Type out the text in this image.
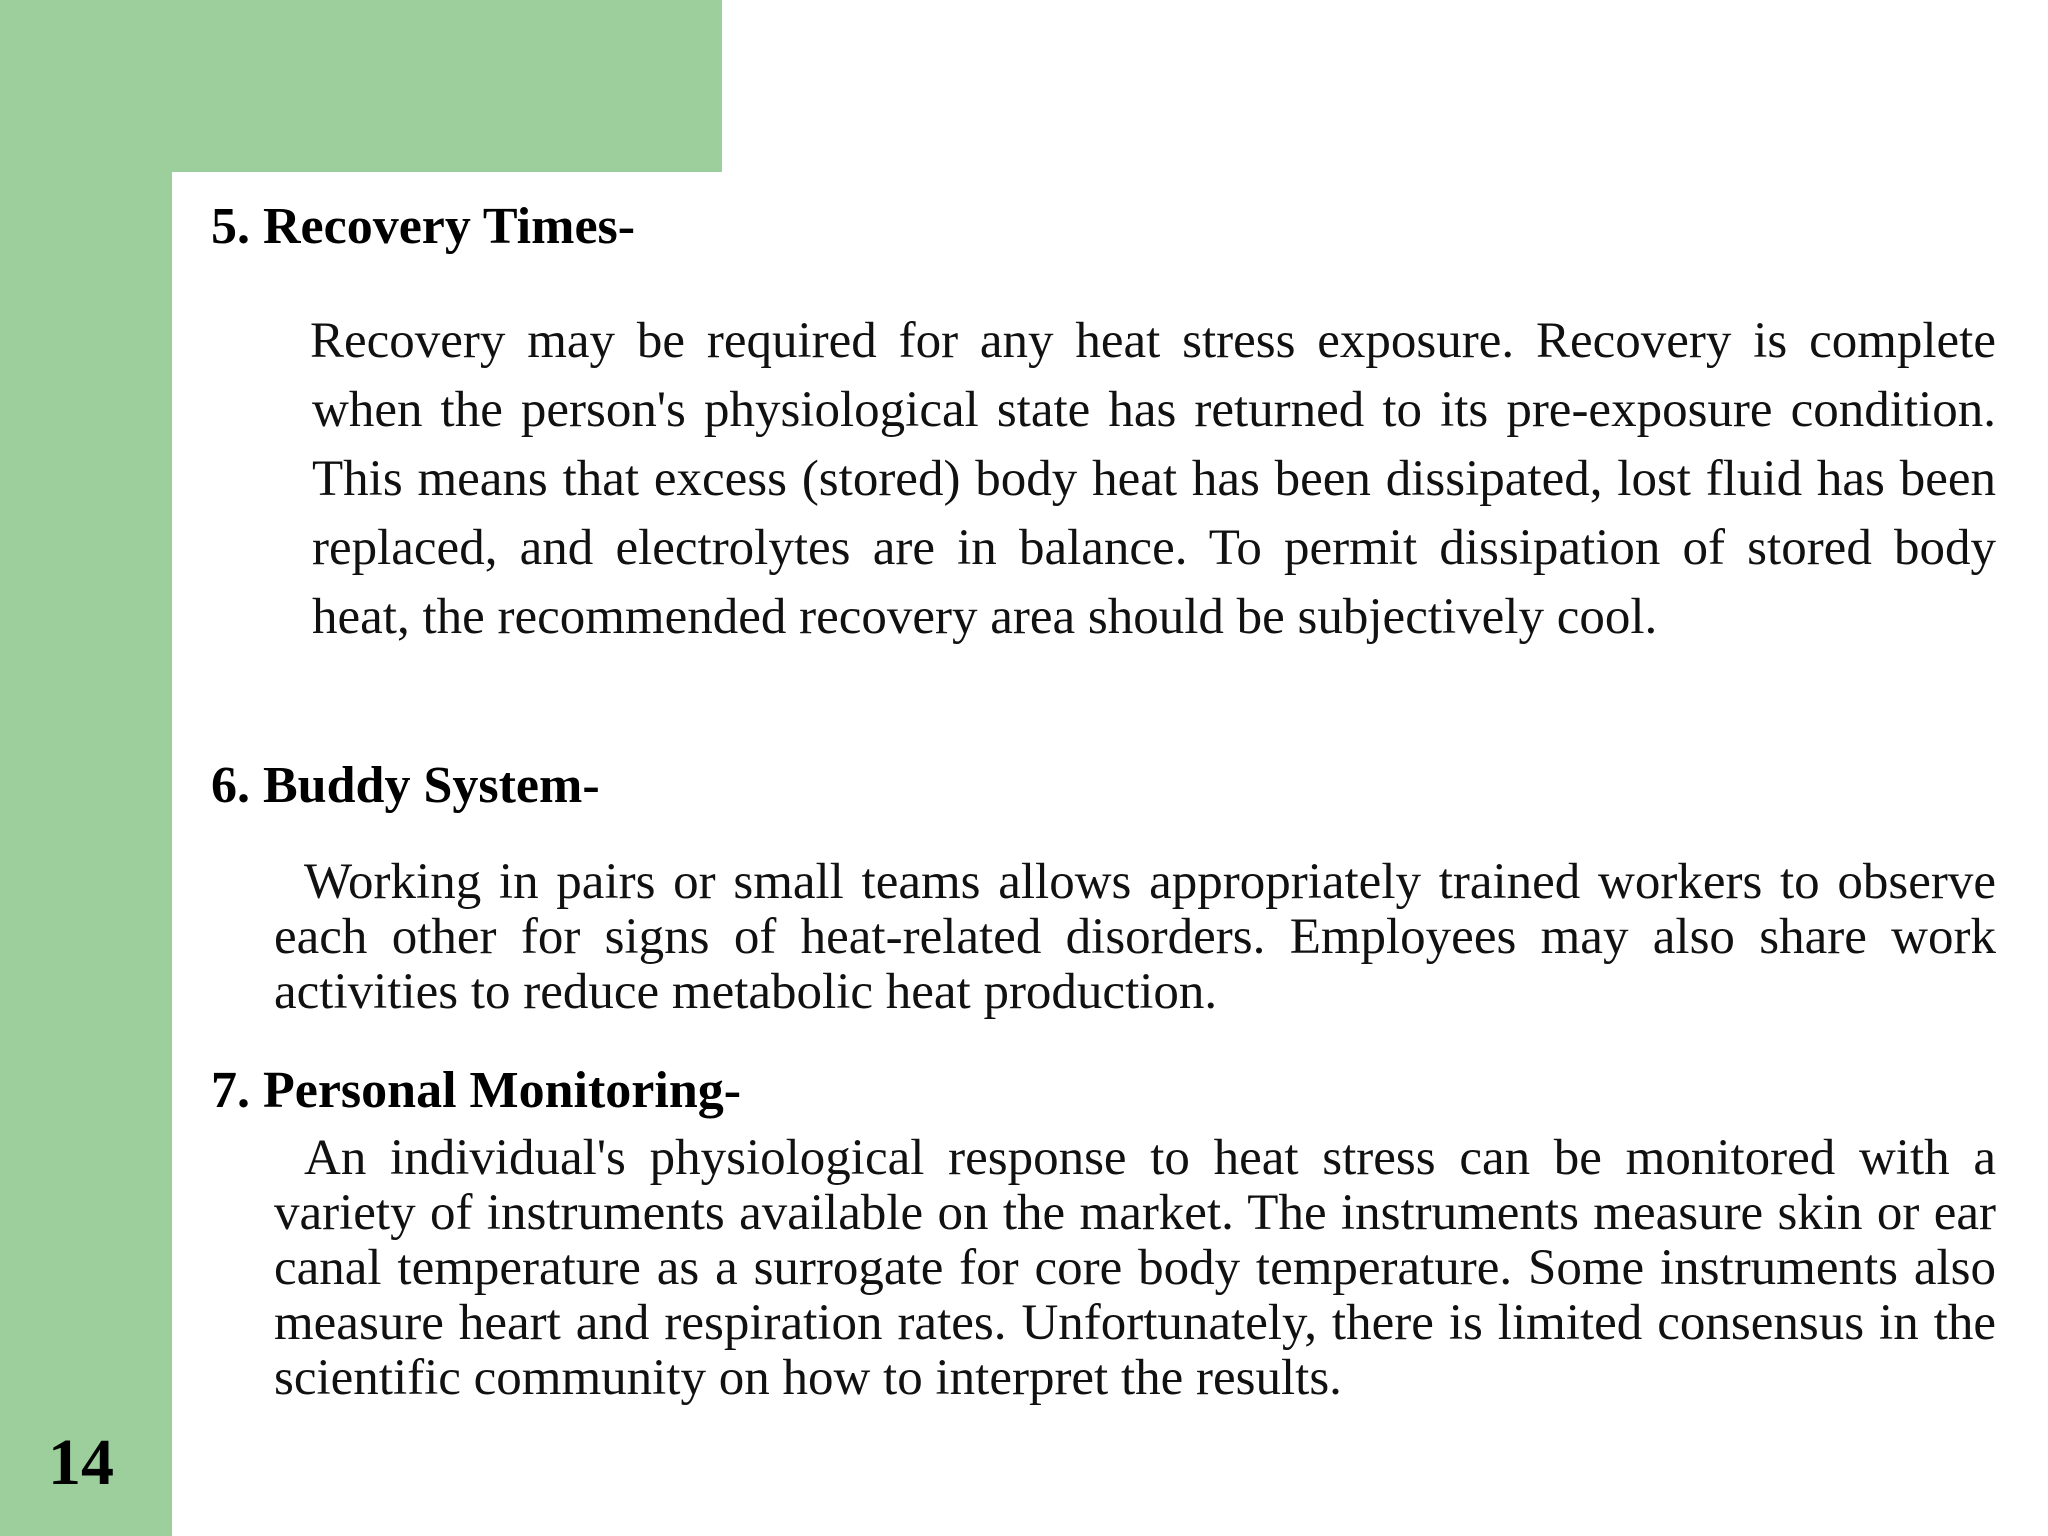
14
5. Recovery Times-
Recovery may be required for any heat stress exposure. Recovery is complete when the person's physiological state has returned to its pre-exposure condition. This means that excess (stored) body heat has been dissipated, lost fluid has been replaced, and electrolytes are in balance. To permit dissipation of stored body heat, the recommended recovery area should be subjectively cool.
6. Buddy System-
Working in pairs or small teams allows appropriately trained workers to observe each other for signs of heat-related disorders. Employees may also share work activities to reduce metabolic heat production.
7. Personal Monitoring-
An individual's physiological response to heat stress can be monitored with a variety of instruments available on the market. The instruments measure skin or ear canal temperature as a surrogate for core body temperature. Some instruments also measure heart and respiration rates. Unfortunately, there is limited consensus in the scientific community on how to interpret the results.
